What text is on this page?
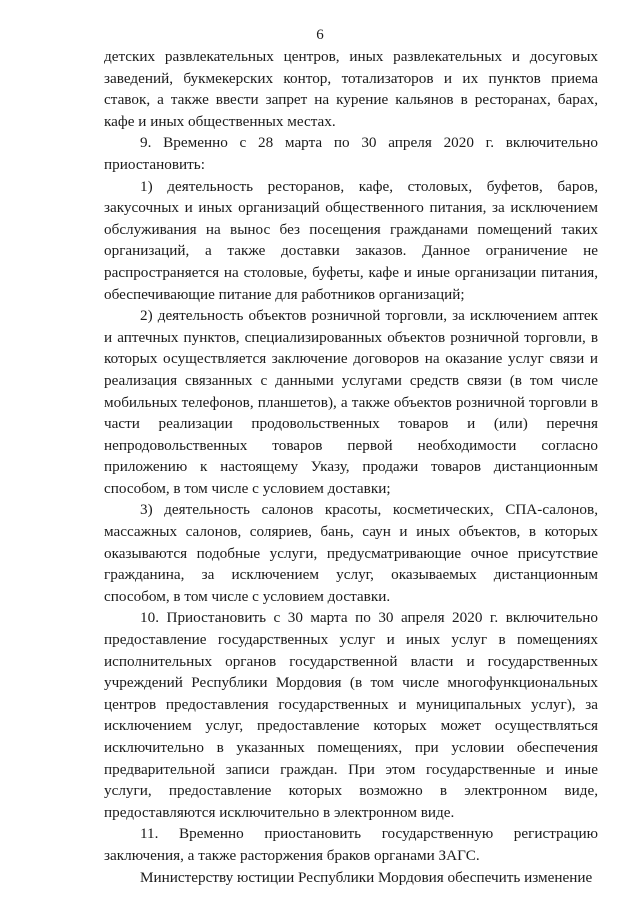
6

детских развлекательных центров, иных развлекательных и досуговых заведений, букмекерских контор, тотализаторов и их пунктов приема ставок, а также ввести запрет на курение кальянов в ресторанах, барах, кафе и иных общественных местах.

9. Временно с 28 марта по 30 апреля 2020 г. включительно приостановить:

1) деятельность ресторанов, кафе, столовых, буфетов, баров, закусочных и иных организаций общественного питания, за исключением обслуживания на вынос без посещения гражданами помещений таких организаций, а также доставки заказов. Данное ограничение не распространяется на столовые, буфеты, кафе и иные организации питания, обеспечивающие питание для работников организаций;

2) деятельность объектов розничной торговли, за исключением аптек и аптечных пунктов, специализированных объектов розничной торговли, в которых осуществляется заключение договоров на оказание услуг связи и реализация связанных с данными услугами средств связи (в том числе мобильных телефонов, планшетов), а также объектов розничной торговли в части реализации продовольственных товаров и (или) перечня непродовольственных товаров первой необходимости согласно приложению к настоящему Указу, продажи товаров дистанционным способом, в том числе с условием доставки;

3) деятельность салонов красоты, косметических, СПА-салонов, массажных салонов, соляриев, бань, саун и иных объектов, в которых оказываются подобные услуги, предусматривающие очное присутствие гражданина, за исключением услуг, оказываемых дистанционным способом, в том числе с условием доставки.

10. Приостановить с 30 марта по 30 апреля 2020 г. включительно предоставление государственных услуг и иных услуг в помещениях исполнительных органов государственной власти и государственных учреждений Республики Мордовия (в том числе многофункциональных центров предоставления государственных и муниципальных услуг), за исключением услуг, предоставление которых может осуществляться исключительно в указанных помещениях, при условии обеспечения предварительной записи граждан. При этом государственные и иные услуги, предоставление которых возможно в электронном виде, предоставляются исключительно в электронном виде.

11. Временно приостановить государственную регистрацию заключения, а также расторжения браков органами ЗАГС.

Министерству юстиции Республики Мордовия обеспечить изменение
